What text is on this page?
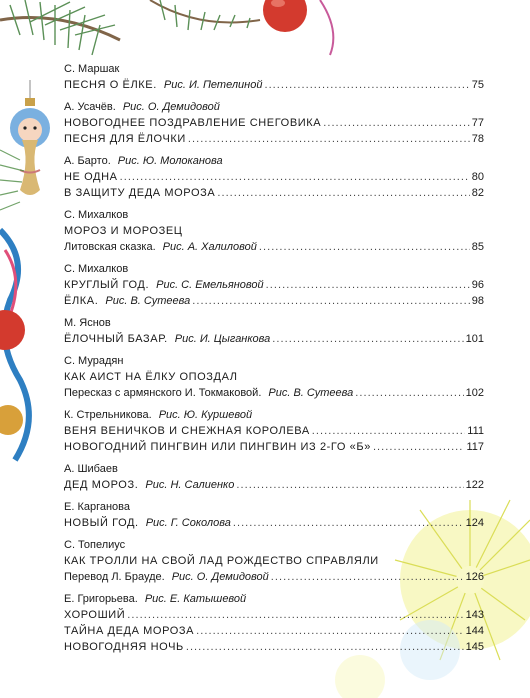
С. Маршак
ПЕСНЯ О ЁЛКЕ. Рис. И. Петелиной . . .	75
А. Усачёв. Рис. О. Демидовой
НОВОГОДНЕЕ ПОЗДРАВЛЕНИЕ СНЕГОВИКА . . .	77
ПЕСНЯ ДЛЯ ЁЛОЧКИ . . .	78
А. Барто. Рис. Ю. Молоканова
НЕ ОДНА . . .	80
В ЗАЩИТУ ДЕДА МОРОЗА . . .	82
С. Михалков
МОРОЗ И МОРОЗЕЦ
Литовская сказка. Рис. А. Халиловой . . .	85
С. Михалков
КРУГЛЫЙ ГОД. Рис. С. Емельяновой . . .	96
ЁЛКА. Рис. В. Сутеева . . .	98
М. Яснов
ЁЛОЧНЫЙ БАЗАР. Рис. И. Цыганкова . . .	101
С. Мурадян
КАК АИСТ НА ЁЛКУ ОПОЗДАЛ
Пересказ с армянского И. Токмаковой. Рис. В. Сутеева . . .	102
К. Стрельникова. Рис. Ю. Куршевой
ВЕНЯ ВЕНИЧКОВ И СНЕЖНАЯ КОРОЛЕВА . . .	111
НОВОГОДНИЙ ПИНГВИН ИЛИ ПИНГВИН ИЗ 2-ГО «Б» . . .	117
А. Шибаев
ДЕД МОРОЗ. Рис. Н. Салиенко . . .	122
Е. Карганова
НОВЫЙ ГОД. Рис. Г. Соколова . . .	124
С. Топелиус
КАК ТРОЛЛИ НА СВОЙ ЛАД РОЖДЕСТВО СПРАВЛЯЛИ
Перевод Л. Брауде. Рис. О. Демидовой . . .	126
Е. Григорьева. Рис. Е. Катышевой
ХОРОШИЙ . . .	143
ТАЙНА ДЕДА МОРОЗА . . .	144
НОВОГОДНЯЯ НОЧЬ . . .	145
